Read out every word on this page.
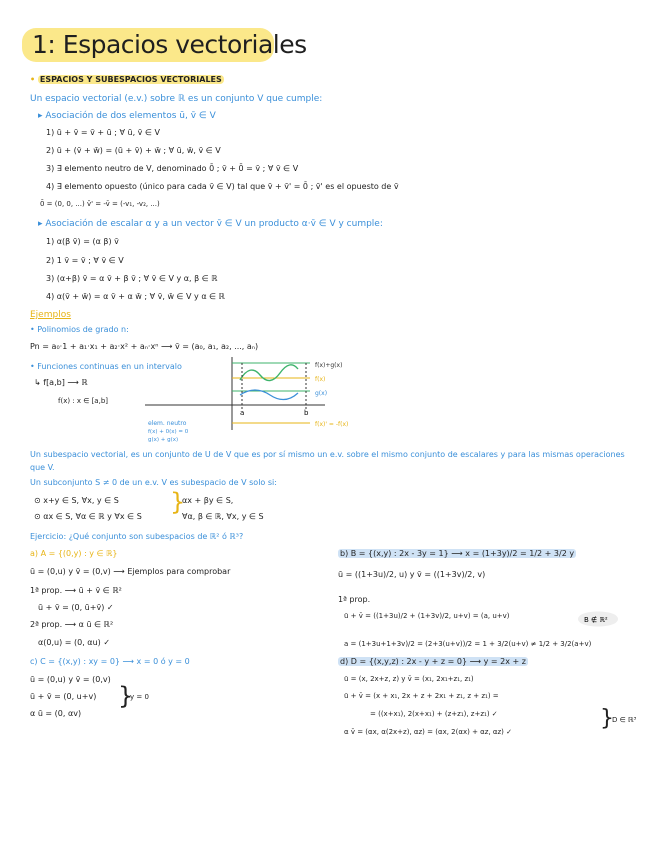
1: Espacios vectoriales
• ESPACIOS Y SUBESPACIOS VECTORIALES
Un espacio vectorial (e.v.) sobre ℝ es un conjunto V que cumple:
▸ Asociación de dos elementos ū, v̄ ∈ V
1) ū + v̄ = v̄ + ū ; ∀ ū, v̄ ∈ V
2) ū + (v̄ + w̄) = (ū + v̄) + w̄ ; ∀ ū, w̄, v̄ ∈ V
3) ∃ elemento neutro de V, denominado 0̄ ; v̄ + 0̄ = v̄ ; ∀ v̄ ∈ V
4) ∃ elemento opuesto (único para cada v̄ ∈ V) tal que v̄ + v̄' = 0̄ ; v̄' es el opuesto de v̄
0̄ = (0, 0, ...) v̄' = -v̄ = (-v₁, -v₂, ...)
▸ Asociación de escalar α y a un vector v̄ ∈ V un producto α·v̄ ∈ V y cumple:
1) α(β v̄) = (α β) v̄
2) 1 v̄ = v̄ ; ∀ v̄ ∈ V
3) (α+β) v̄ = α v̄ + β v̄ ; ∀ v̄ ∈ V y α, β ∈ ℝ
4) α(v̄ + w̄) = α v̄ + α w̄ ; ∀ v̄, w̄ ∈ V y α ∈ ℝ
Ejemplos
• Polinomios de grado n:
Pn = a₀·1 + a₁·x₁ + a₂·x² + aₙ·xⁿ ⟶ v̄ = (a₀, a₁, a₂, ..., aₙ)
• Funciones continuas en un intervalo
↳ f[a,b] ⟶ ℝ
f(x) : x ∈ [a,b]
a	b
f(x)+g(x)
f(x)
g(x)
f(x)' = -f(x)
elem. neutro
f(x) + 0(x) = 0
g(x) + g(x)
Un subespacio vectorial, es un conjunto de U de V que es por sí mismo un e.v. sobre el mismo conjunto de escalares y para las mismas operaciones que V.
Un subconjunto S ≠ 0 de un e.v. V es subespacio de V solo si:
⊙ x+y ∈ S, ∀x, y ∈ S
⊙ αx ∈ S, ∀α ∈ ℝ y ∀x ∈ S
}
αx + βy ∈ S,
∀α, β ∈ ℝ, ∀x, y ∈ S
Ejercicio: ¿Qué conjunto son subespacios de ℝ² ó ℝ³?
a) A = {(0,y) : y ∈ ℝ}
ū = (0,u) y v̄ = (0,v) ⟶ Ejemplos para comprobar
1ª prop. ⟶ ū + v̄ ∈ ℝ²
ū + v̄ = (0, ū+v̄) ✓
2ª prop. ⟶ α ū ∈ ℝ²
α(0,u) = (0, αu) ✓
c) C = {(x,y) : xy = 0} ⟶ x = 0 ó y = 0
ū = (0,u) y v̄ = (0,v)
ū + v̄ = (0, u+v)
α ū = (0, αv)
}
y = 0
b) B = {(x,y) : 2x - 3y = 1} ⟶ x = (1+3y)/2 = 1/2 + 3/2 y
ū = ((1+3u)/2, u) y v̄ = ((1+3v)/2, v)
1ª prop.
ū + v̄ = ((1+3u)/2 + (1+3v)/2, u+v) = (a, u+v)
a = (1+3u+1+3v)/2 = (2+3(u+v))/2 = 1 + 3/2(u+v) ≠ 1/2 + 3/2(a+v)
B ∉ ℝ²
d) D = {(x,y,z) : 2x - y + z = 0} ⟶ y = 2x + z
ū = (x, 2x+z, z) y v̄ = (x₁, 2x₁+z₁, z₁)
ū + v̄ = (x + x₁, 2x + z + 2x₁ + z₁, z + z₁) =
= ((x+x₁), 2(x+x₁) + (z+z₁), z+z₁) ✓
α v̄ = (αx, α(2x+z), αz) = (αx, 2(αx) + αz, αz) ✓
}
D ∈ ℝ³
